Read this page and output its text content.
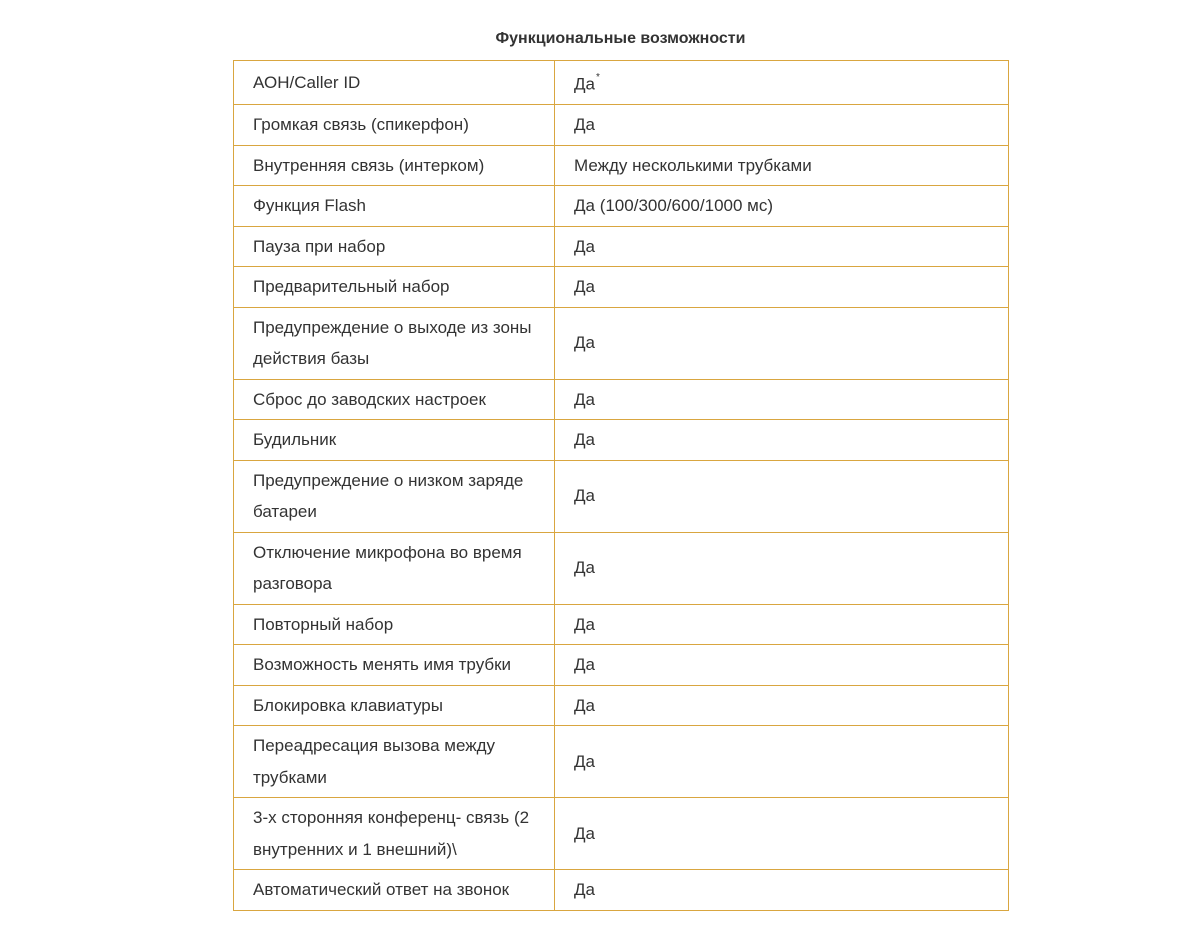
Функциональные возможности
АОН/Caller ID	Да*
Громкая связь (спикерфон)	Да
Внутренняя связь (интерком)	Между несколькими трубками
Функция Flash	Да (100/300/600/1000 мс)
Пауза при набор	Да
Предварительный набор	Да
Предупреждение о выходе из зоны действия базы	Да
Сброс до заводских настроек	Да
Будильник	Да
Предупреждение о низком заряде батареи	Да
Отключение микрофона во время разговора	Да
Повторный набор	Да
Возможность менять имя трубки	Да
Блокировка клавиатуры	Да
Переадресация вызова между трубками	Да
3-х сторонняя конференц- связь (2 внутренних и 1 внешний)\	Да
Автоматический ответ на звонок	Да
